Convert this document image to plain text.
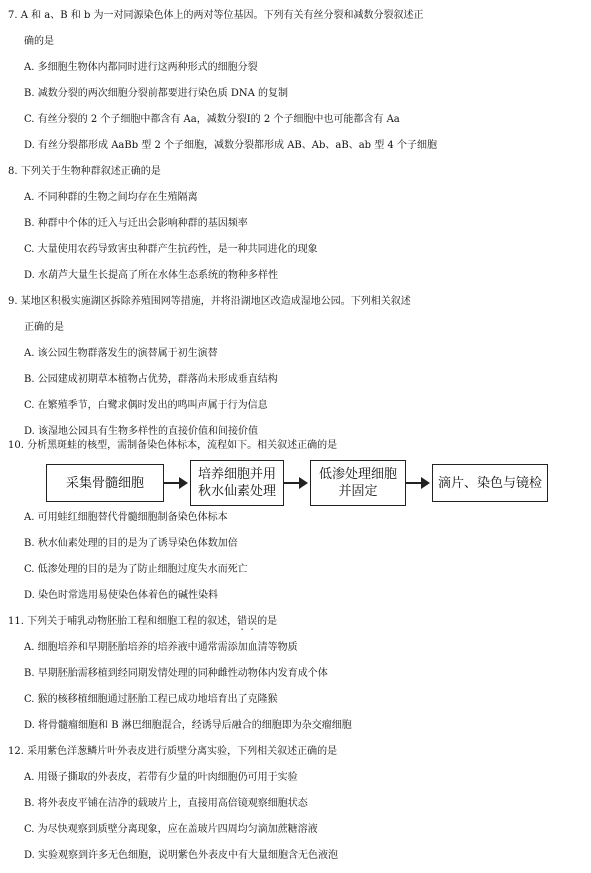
7. A 和 a、B 和 b 为一对同源染色体上的两对等位基因。下列有关有丝分裂和减数分裂叙述正
确的是
A. 多细胞生物体内都同时进行这两种形式的细胞分裂
B. 减数分裂的两次细胞分裂前都要进行染色质 DNA 的复制
C. 有丝分裂的 2 个子细胞中都含有 Aa，减数分裂Ⅰ的 2 个子细胞中也可能都含有 Aa
D. 有丝分裂都形成 AaBb 型 2 个子细胞，减数分裂都形成 AB、Ab、aB、ab 型 4 个子细胞
8. 下列关于生物种群叙述正确的是
A. 不同种群的生物之间均存在生殖隔离
B. 种群中个体的迁入与迁出会影响种群的基因频率
C. 大量使用农药导致害虫种群产生抗药性，是一种共同进化的现象
D. 水葫芦大量生长提高了所在水体生态系统的物种多样性
9. 某地区积极实施湖区拆除养殖围网等措施，并将沿湖地区改造成湿地公园。下列相关叙述
正确的是
A. 该公园生物群落发生的演替属于初生演替
B. 公园建成初期草本植物占优势，群落尚未形成垂直结构
C. 在繁殖季节，白鹭求偶时发出的鸣叫声属于行为信息
D. 该湿地公园具有生物多样性的直接价值和间接价值
10. 分析黑斑蛙的核型，需制备染色体标本，流程如下。相关叙述正确的是
采集骨髓细胞
培养细胞并用
秋水仙素处理
低渗处理细胞
并固定
滴片、染色与镜检
A. 可用蛙红细胞替代骨髓细胞制备染色体标本
B. 秋水仙素处理的目的是为了诱导染色体数加倍
C. 低渗处理的目的是为了防止细胞过度失水而死亡
D. 染色时常选用易使染色体着色的碱性染料
11. 下列关于哺乳动物胚胎工程和细胞工程的叙述，错误的是
A. 细胞培养和早期胚胎培养的培养液中通常需添加血清等物质
B. 早期胚胎需移植到经同期发情处理的同种雌性动物体内发育成个体
C. 猴的核移植细胞通过胚胎工程已成功地培育出了克隆猴
D. 将骨髓瘤细胞和 B 淋巴细胞混合，经诱导后融合的细胞即为杂交瘤细胞
12. 采用紫色洋葱鳞片叶外表皮进行质壁分离实验，下列相关叙述正确的是
A. 用镊子撕取的外表皮，若带有少量的叶肉细胞仍可用于实验
B. 将外表皮平铺在洁净的载玻片上，直接用高倍镜观察细胞状态
C. 为尽快观察到质壁分离现象，应在盖玻片四周均匀滴加蔗糖溶液
D. 实验观察到许多无色细胞，说明紫色外表皮中有大量细胞含无色液泡
